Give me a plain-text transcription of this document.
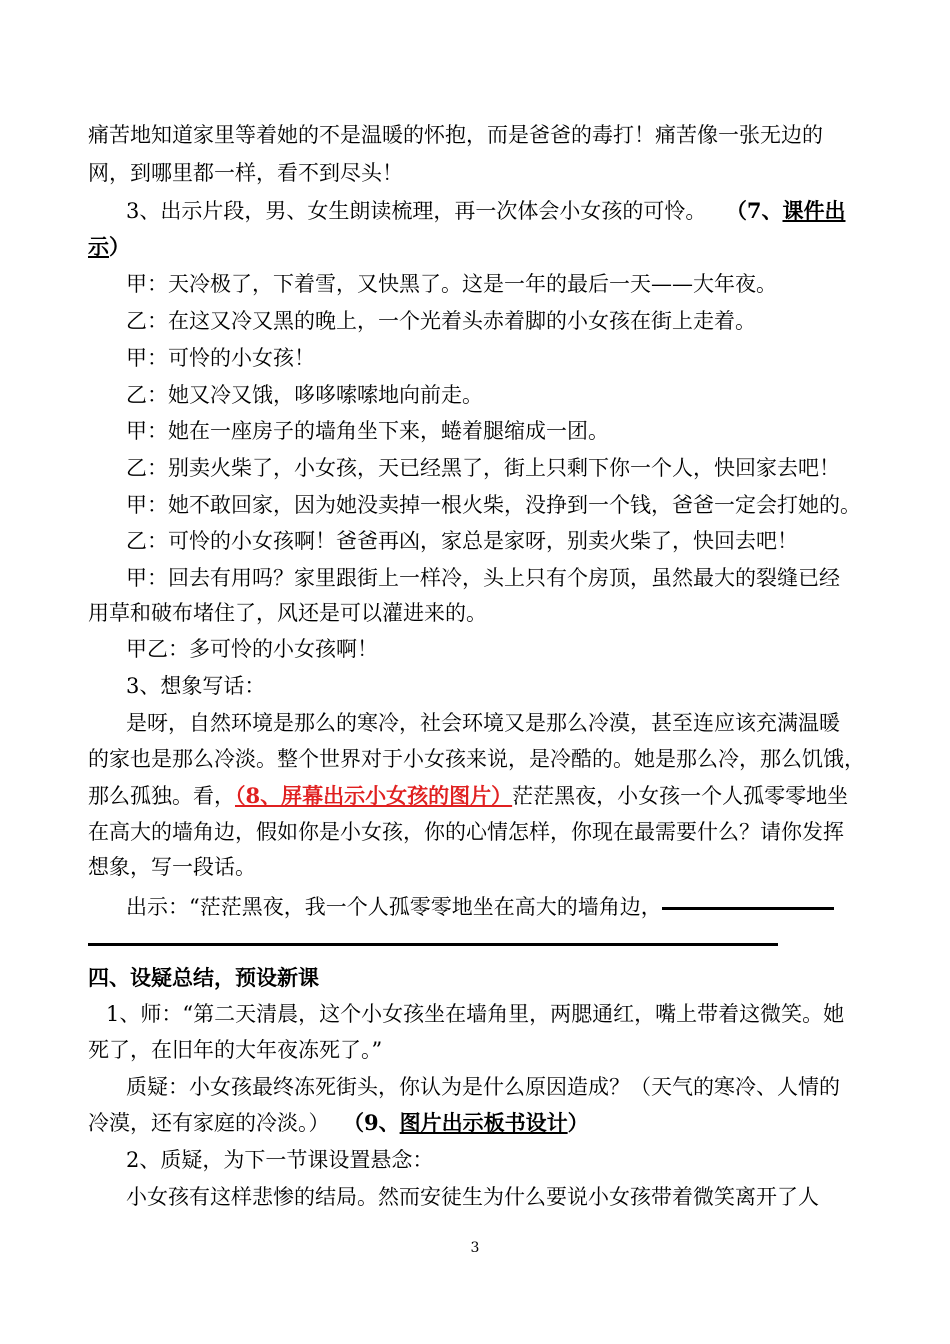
痛苦地知道家里等着她的不是温暖的怀抱，而是爸爸的毒打！痛苦像一张无边的
网，到哪里都一样，看不到尽头！
3、出示片段，男、女生朗读梳理，再一次体会小女孩的可怜。 （7、课件出
示）
甲：天冷极了，下着雪，又快黑了。这是一年的最后一天——大年夜。
乙：在这又冷又黑的晚上，一个光着头赤着脚的小女孩在街上走着。
甲：可怜的小女孩！
乙：她又冷又饿，哆哆嗦嗦地向前走。
甲：她在一座房子的墙角坐下来，蜷着腿缩成一团。
乙：别卖火柴了，小女孩，天已经黑了，街上只剩下你一个人，快回家去吧！
甲：她不敢回家，因为她没卖掉一根火柴，没挣到一个钱，爸爸一定会打她的。
乙：可怜的小女孩啊！爸爸再凶，家总是家呀，别卖火柴了，快回去吧！
甲：回去有用吗？家里跟街上一样冷，头上只有个房顶，虽然最大的裂缝已经
用草和破布堵住了，风还是可以灌进来的。
甲乙：多可怜的小女孩啊！
3、想象写话：
是呀，自然环境是那么的寒冷，社会环境又是那么冷漠，甚至连应该充满温暖
的家也是那么冷淡。整个世界对于小女孩来说，是冷酷的。她是那么冷，那么饥饿，
那么孤独。看，（8、屏幕出示小女孩的图片）茫茫黑夜，小女孩一个人孤零零地坐
在高大的墙角边，假如你是小女孩，你的心情怎样，你现在最需要什么？请你发挥
想象，写一段话。
出示：“茫茫黑夜，我一个人孤零零地坐在高大的墙角边，
四、设疑总结，预设新课
1、师：“第二天清晨，这个小女孩坐在墙角里，两腮通红，嘴上带着这微笑。她
死了，在旧年的大年夜冻死了。”
质疑：小女孩最终冻死街头，你认为是什么原因造成？（天气的寒冷、人情的
冷漠，还有家庭的冷淡。） （9、图片出示板书设计）
2、质疑，为下一节课设置悬念：
小女孩有这样悲惨的结局。然而安徒生为什么要说小女孩带着微笑离开了人
3
